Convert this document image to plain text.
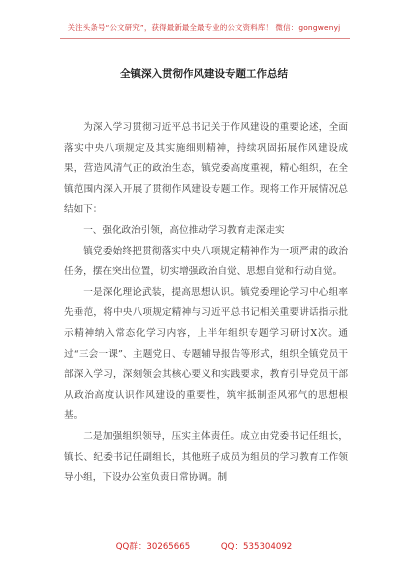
关注头条号“公文研究”，获得最新最全最专业的公文资料库！ 微信：gongwenyj
全镇深入贯彻作风建设专题工作总结

为深入学习贯彻习近平总书记关于作风建设的重要论述，全面落实中央八项规定及其实施细则精神，持续巩固拓展作风建设成果，营造风清气正的政治生态，镇党委高度重视，精心组织，在全镇范围内深入开展了贯彻作风建设专题工作。现将工作开展情况总结如下：

一、强化政治引领，高位推动学习教育走深走实

镇党委始终把贯彻落实中央八项规定精神作为一项严肃的政治任务，摆在突出位置，切实增强政治自觉、思想自觉和行动自觉。

一是深化理论武装，提高思想认识。镇党委理论学习中心组率先垂范，将中央八项规定精神与习近平总书记相关重要讲话指示批示精神纳入常态化学习内容，上半年组织专题学习研讨X次。通过“三会一课”、主题党日、专题辅导报告等形式，组织全镇党员干部深入学习，深刻领会其核心要义和实践要求，教育引导党员干部从政治高度认识作风建设的重要性，筑牢抵制歪风邪气的思想根基。

二是加强组织领导，压实主体责任。成立由党委书记任组长，镇长、纪委书记任副组长，其他班子成员为组员的学习教育工作领导小组，下设办公室负责日常协调。制

QQ群：30265665	QQ：535304092
